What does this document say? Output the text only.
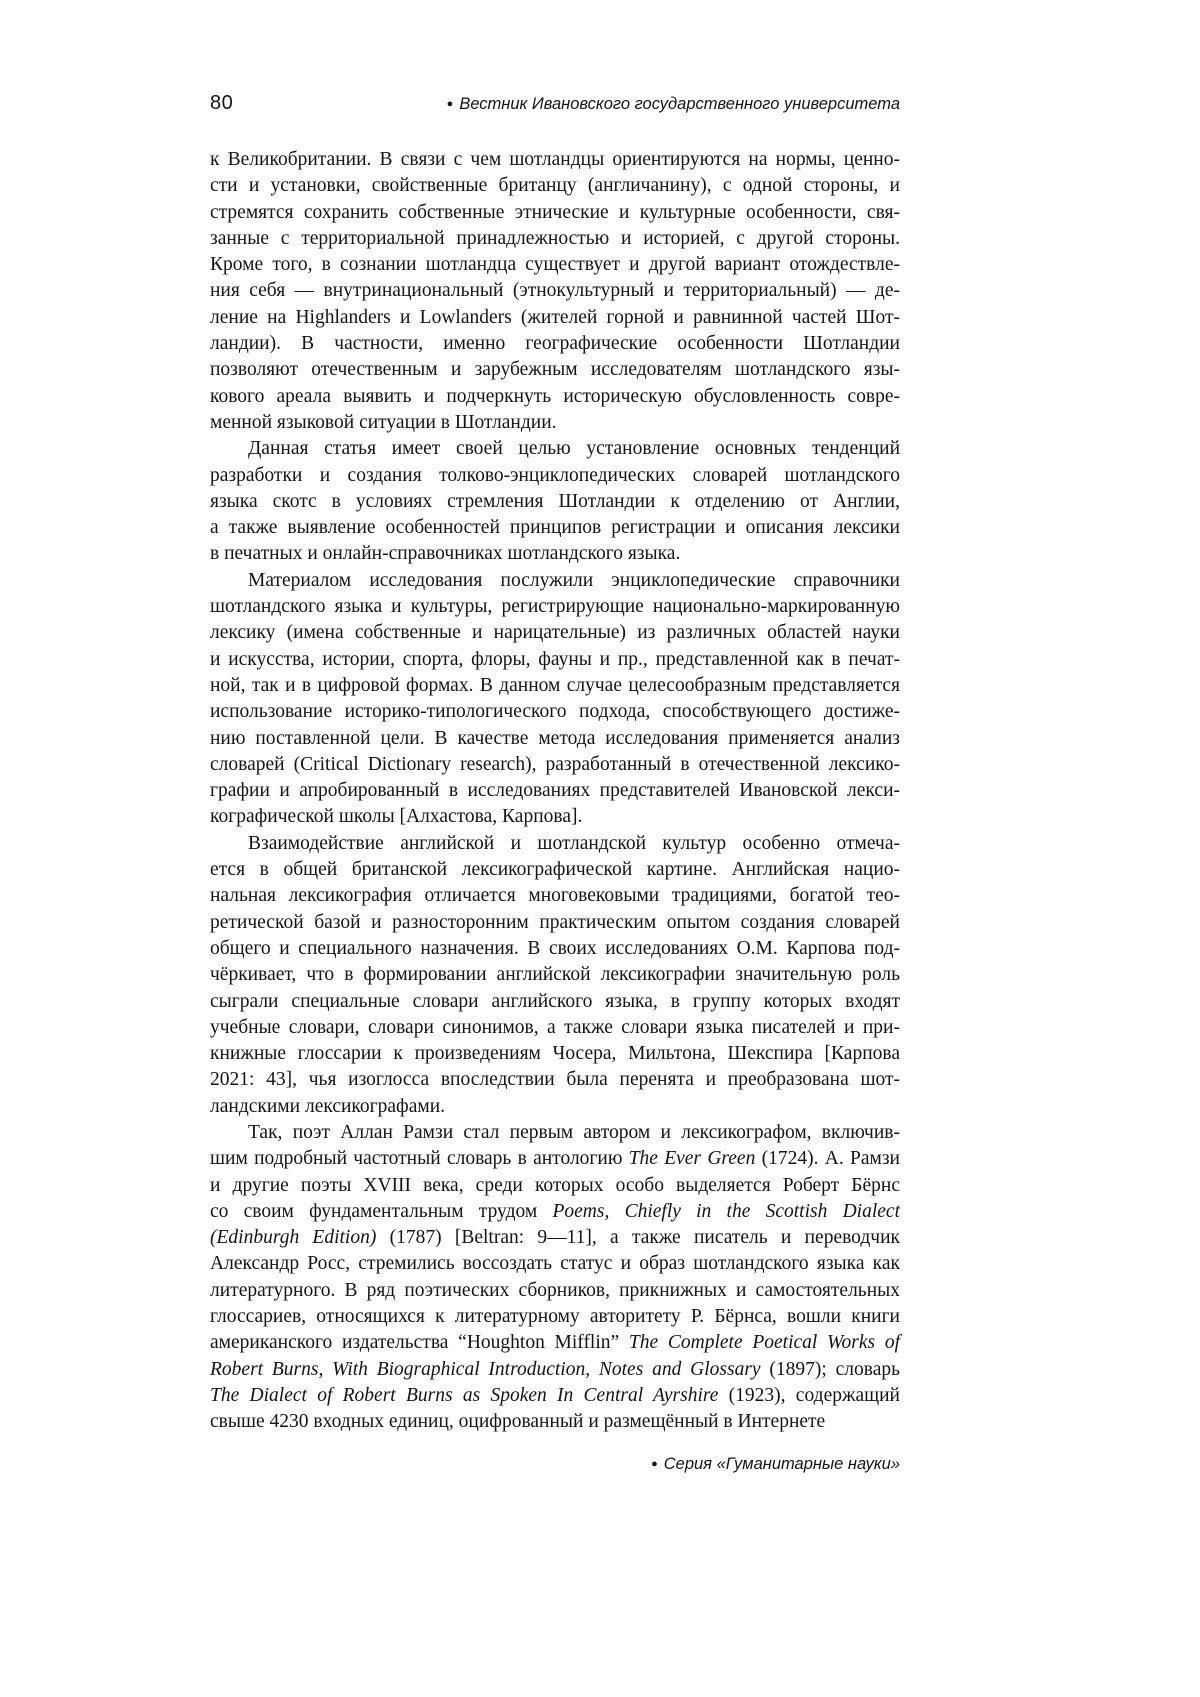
80	● Вестник Ивановского государственного университета
к Великобритании. В связи с чем шотландцы ориентируются на нормы, ценно-
сти и установки, свойственные британцу (англичанину), с одной стороны, и
стремятся сохранить собственные этнические и культурные особенности, свя-
занные с территориальной принадлежностью и историей, с другой стороны.
Кроме того, в сознании шотландца существует и другой вариант отождествле-
ния себя — внутринациональный (этнокультурный и территориальный) — де-
ление на Highlanders и Lowlanders (жителей горной и равнинной частей Шот-
ландии). В частности, именно географические особенности Шотландии
позволяют отечественным и зарубежным исследователям шотландского язы-
кового ареала выявить и подчеркнуть историческую обусловленность совре-
менной языковой ситуации в Шотландии.
Данная статья имеет своей целью установление основных тенденций
разработки и создания толково-энциклопедических словарей шотландского
языка скотс в условиях стремления Шотландии к отделению от Англии,
а также выявление особенностей принципов регистрации и описания лексики
в печатных и онлайн-справочниках шотландского языка.
Материалом исследования послужили энциклопедические справочники
шотландского языка и культуры, регистрирующие национально-маркированную
лексику (имена собственные и нарицательные) из различных областей науки
и искусства, истории, спорта, флоры, фауны и пр., представленной как в печат-
ной, так и в цифровой формах. В данном случае целесообразным представляется
использование историко-типологического подхода, способствующего достиже-
нию поставленной цели. В качестве метода исследования применяется анализ
словарей (Critical Dictionary research), разработанный в отечественной лексико-
графии и апробированный в исследованиях представителей Ивановской лекси-
кографической школы [Алхастова, Карпова].
Взаимодействие английской и шотландской культур особенно отмеча-
ется в общей британской лексикографической картине. Английская нацио-
нальная лексикография отличается многовековыми традициями, богатой тео-
ретической базой и разносторонним практическим опытом создания словарей
общего и специального назначения. В своих исследованиях О.М. Карпова под-
чёркивает, что в формировании английской лексикографии значительную роль
сыграли специальные словари английского языка, в группу которых входят
учебные словари, словари синонимов, а также словари языка писателей и при-
книжные глоссарии к произведениям Чосера, Мильтона, Шекспира [Карпова
2021: 43], чья изоглосса впоследствии была перенята и преобразована шот-
ландскими лексикографами.
Так, поэт Аллан Рамзи стал первым автором и лексикографом, включив-
шим подробный частотный словарь в антологию The Ever Green (1724). А. Рамзи
и другие поэты XVIII века, среди которых особо выделяется Роберт Бёрнс
со своим фундаментальным трудом Poems, Chiefly in the Scottish Dialect
(Edinburgh Edition) (1787) [Beltran: 9—11], а также писатель и переводчик
Александр Росс, стремились воссоздать статус и образ шотландского языка как
литературного. В ряд поэтических сборников, прикнижных и самостоятельных
глоссариев, относящихся к литературному авторитету Р. Бёрнса, вошли книги
американского издательства “Houghton Mifflin” The Complete Poetical Works of
Robert Burns, With Biographical Introduction, Notes and Glossary (1897); словарь
The Dialect of Robert Burns as Spoken In Central Ayrshire (1923), содержащий
свыше 4230 входных единиц, оцифрованный и размещённый в Интернете
● Серия «Гуманитарные науки»
